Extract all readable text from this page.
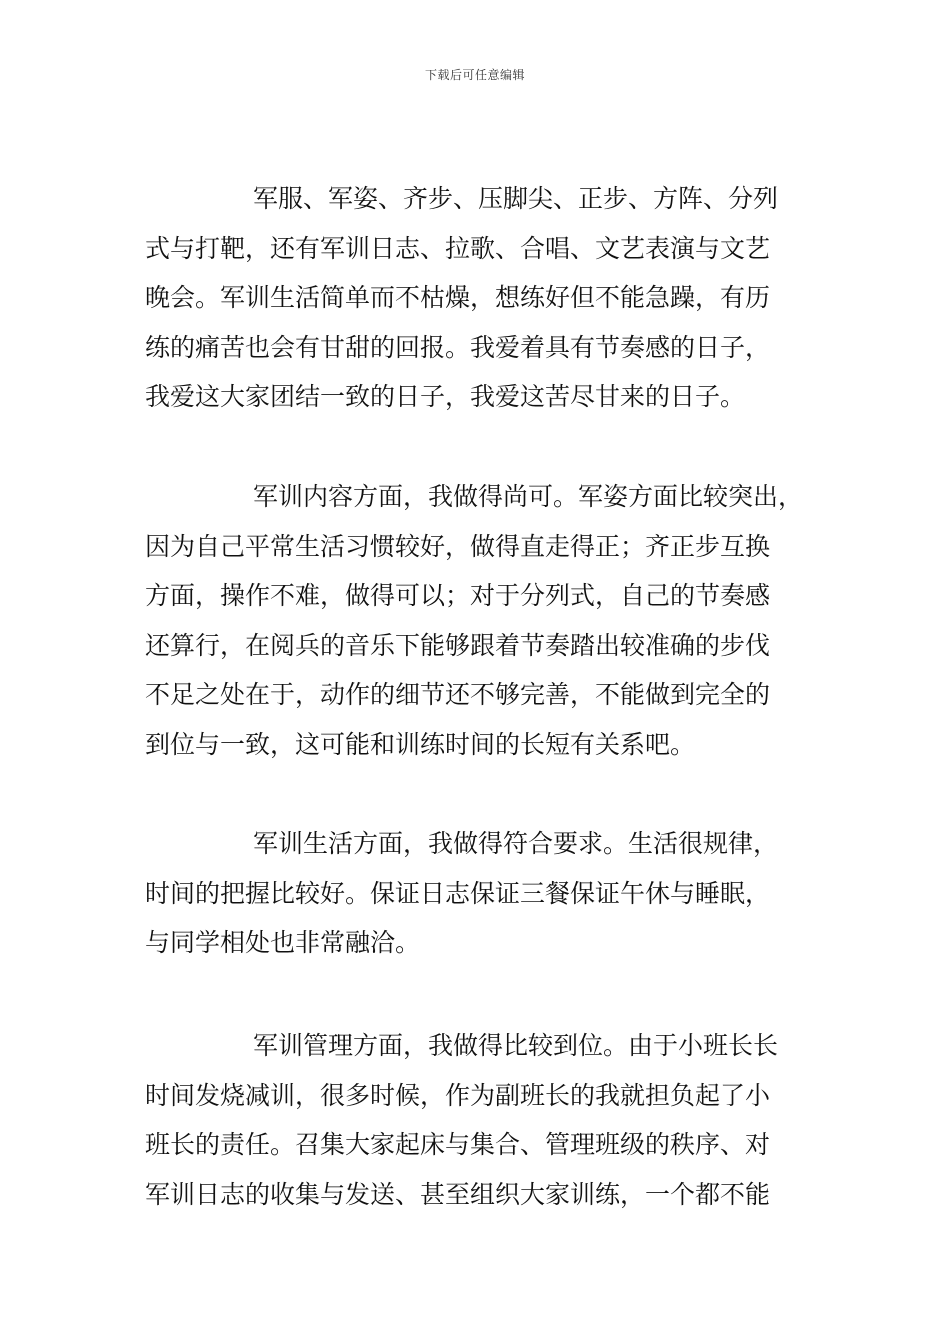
下载后可任意编辑

军服、军姿、齐步、压脚尖、正步、方阵、分列
式与打靶，还有军训日志、拉歌、合唱、文艺表演与文艺
晚会。军训生活简单而不枯燥，想练好但不能急躁，有历
练的痛苦也会有甘甜的回报。我爱着具有节奏感的日子，
我爱这大家团结一致的日子，我爱这苦尽甘来的日子。

军训内容方面，我做得尚可。军姿方面比较突出，
因为自己平常生活习惯较好，做得直走得正；齐正步互换
方面，操作不难，做得可以；对于分列式，自己的节奏感
还算行，在阅兵的音乐下能够跟着节奏踏出较准确的步伐
不足之处在于，动作的细节还不够完善，不能做到完全的
到位与一致，这可能和训练时间的长短有关系吧。

军训生活方面，我做得符合要求。生活很规律，
时间的把握比较好。保证日志保证三餐保证午休与睡眠，
与同学相处也非常融洽。

军训管理方面，我做得比较到位。由于小班长长
时间发烧减训，很多时候，作为副班长的我就担负起了小
班长的责任。召集大家起床与集合、管理班级的秩序、对
军训日志的收集与发送、甚至组织大家训练，一个都不能
